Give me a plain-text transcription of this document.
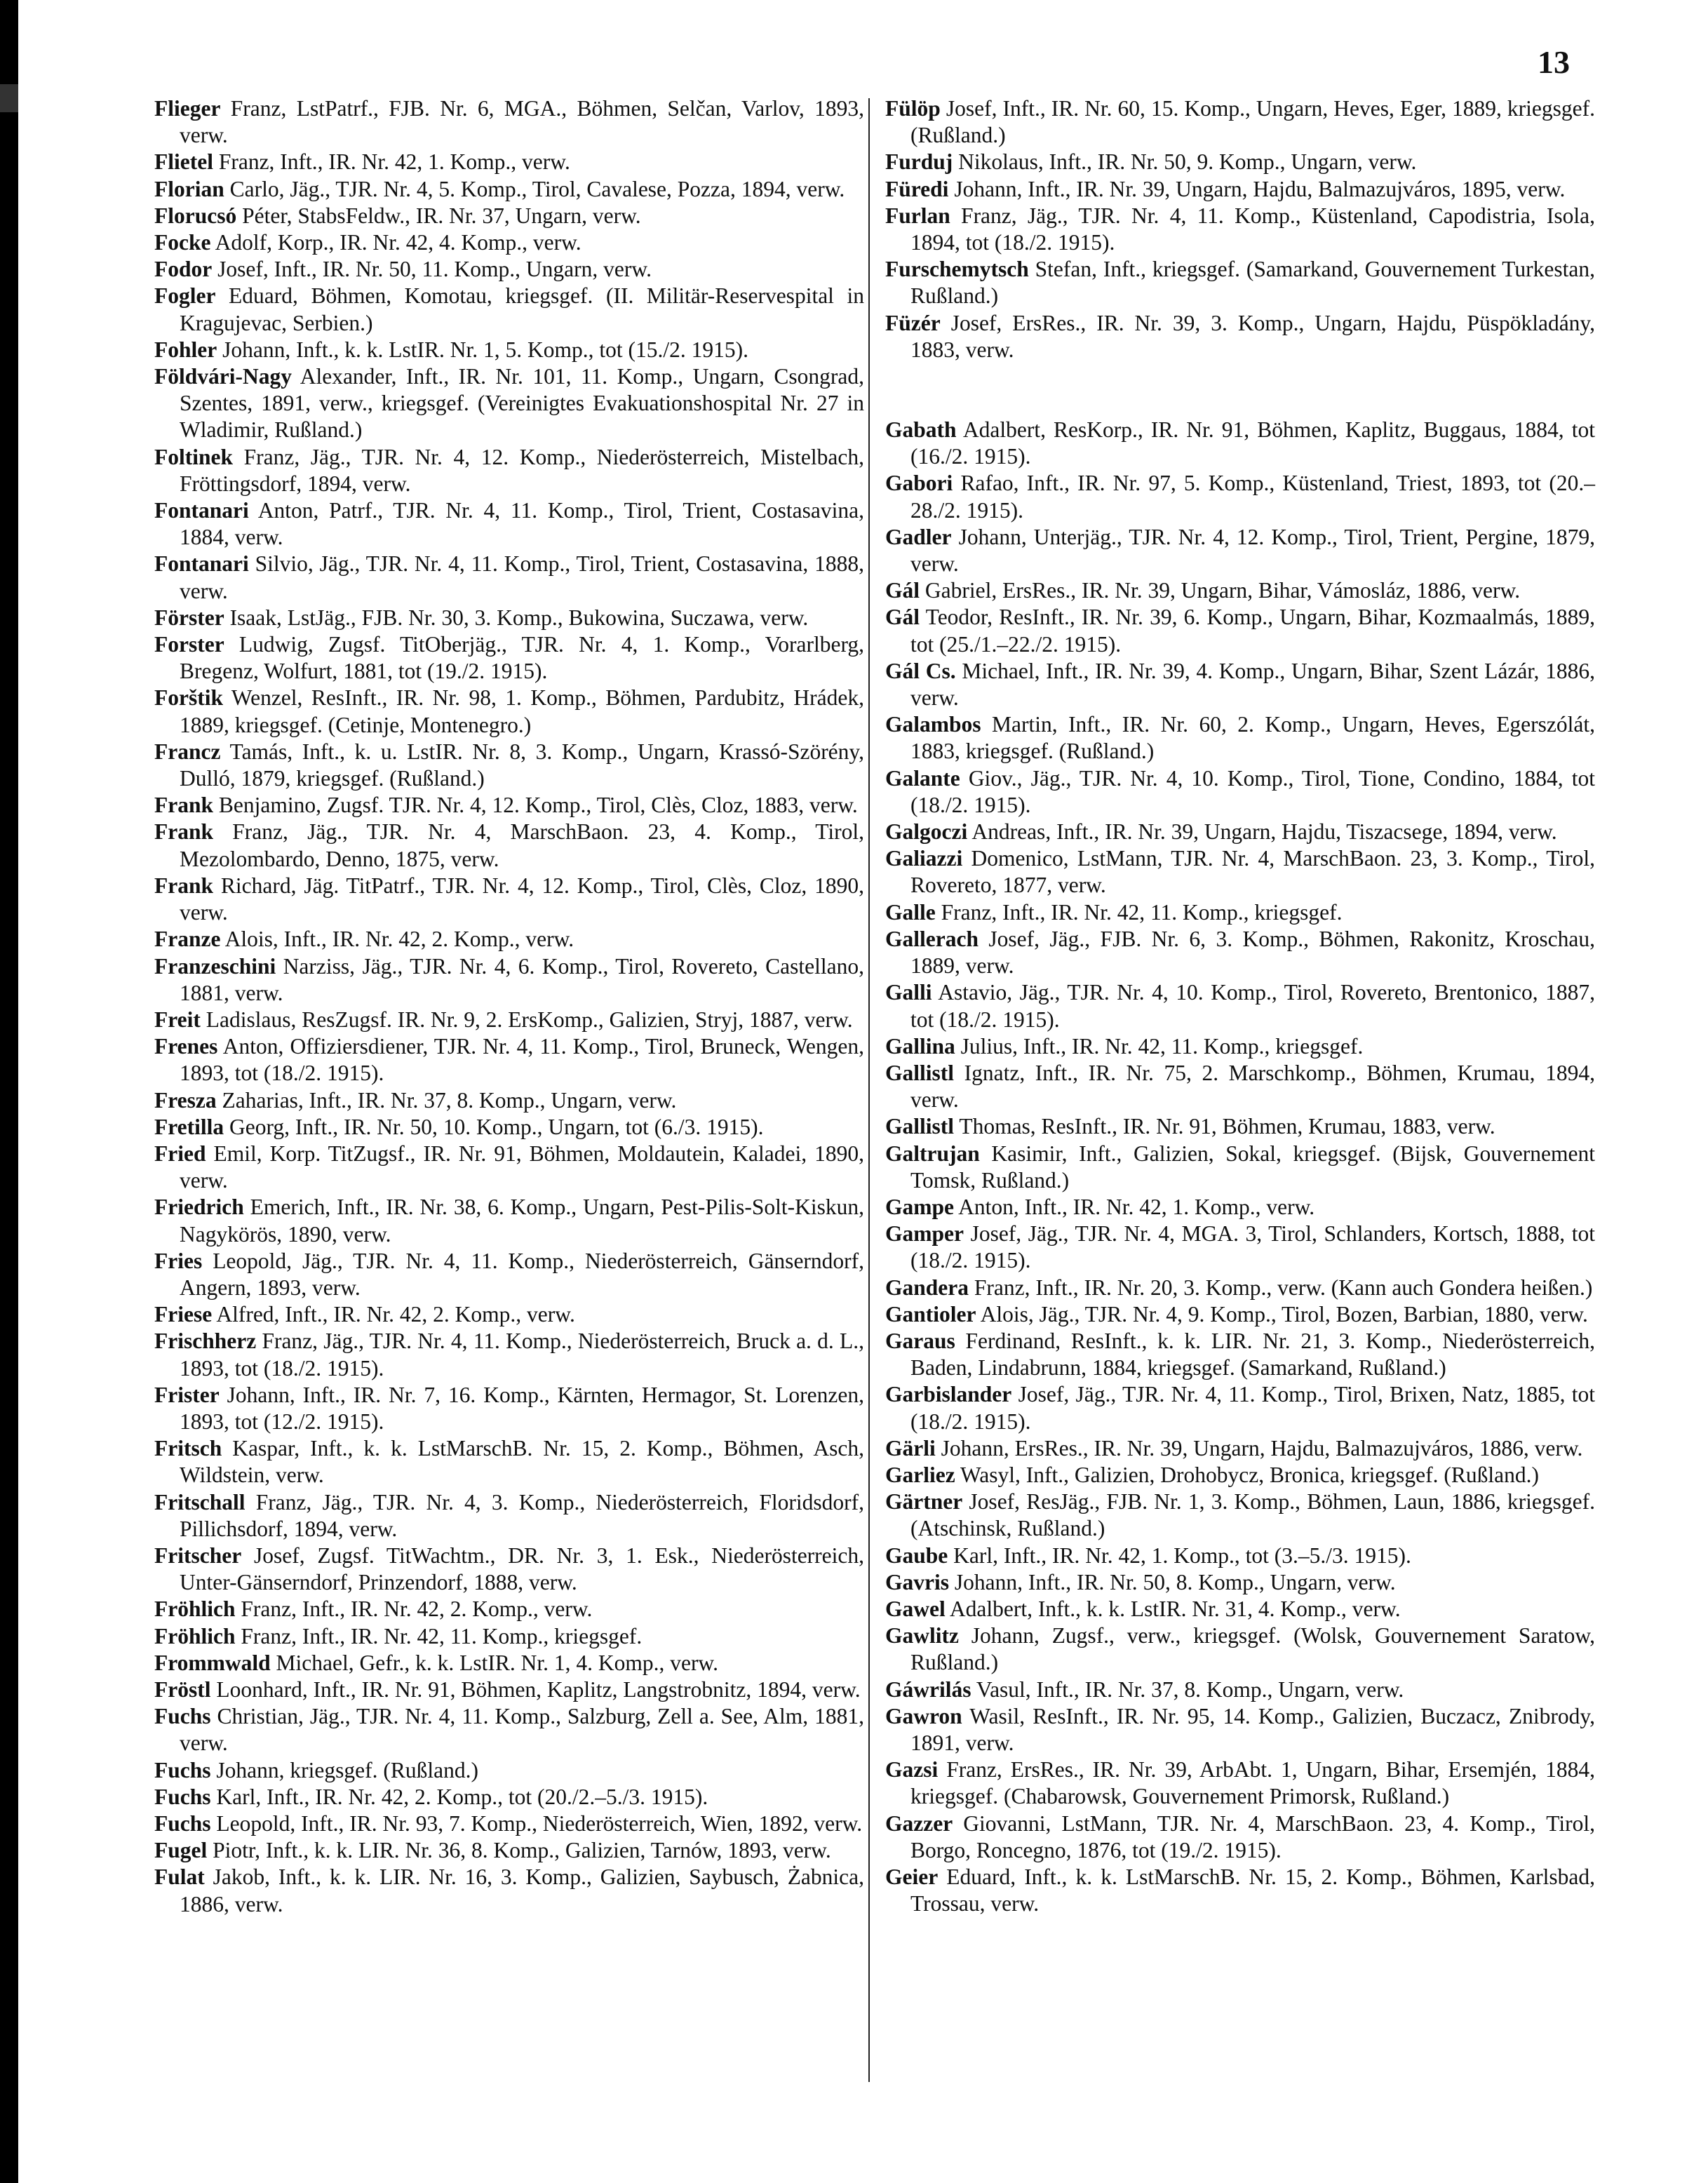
13

Flieger Franz, LstPatrf., FJB. Nr. 6, MGA., Böhmen, Selčan, Varlov, 1893, verw.

Flietel Franz, Inft., IR. Nr. 42, 1. Komp., verw.

Florian Carlo, Jäg., TJR. Nr. 4, 5. Komp., Tirol, Cavalese, Pozza, 1894, verw.

Florucsó Péter, StabsFeldw., IR. Nr. 37, Ungarn, verw.

Focke Adolf, Korp., IR. Nr. 42, 4. Komp., verw.

Fodor Josef, Inft., IR. Nr. 50, 11. Komp., Ungarn, verw.

Fogler Eduard, Böhmen, Komotau, kriegsgef. (II. Militär-Reservespital in Kragujevac, Serbien.)

Fohler Johann, Inft., k. k. LstIR. Nr. 1, 5. Komp., tot (15./2. 1915).

Földvári-Nagy Alexander, Inft., IR. Nr. 101, 11. Komp., Ungarn, Csongrad, Szentes, 1891, verw., kriegsgef. (Vereinigtes Evakuationshospital Nr. 27 in Wladimir, Rußland.)

Foltinek Franz, Jäg., TJR. Nr. 4, 12. Komp., Niederösterreich, Mistelbach, Fröttingsdorf, 1894, verw.

Fontanari Anton, Patrf., TJR. Nr. 4, 11. Komp., Tirol, Trient, Costasavina, 1884, verw.

Fontanari Silvio, Jäg., TJR. Nr. 4, 11. Komp., Tirol, Trient, Costasavina, 1888, verw.

Förster Isaak, LstJäg., FJB. Nr. 30, 3. Komp., Bukowina, Suczawa, verw.

Forster Ludwig, Zugsf. TitOberjäg., TJR. Nr. 4, 1. Komp., Vorarlberg, Bregenz, Wolfurt, 1881, tot (19./2. 1915).

Forštik Wenzel, ResInft., IR. Nr. 98, 1. Komp., Böhmen, Pardubitz, Hrádek, 1889, kriegsgef. (Cetinje, Montenegro.)

Francz Tamás, Inft., k. u. LstIR. Nr. 8, 3. Komp., Ungarn, Krassó-Szörény, Dulló, 1879, kriegsgef. (Rußland.)

Frank Benjamino, Zugsf. TJR. Nr. 4, 12. Komp., Tirol, Clès, Cloz, 1883, verw.

Frank Franz, Jäg., TJR. Nr. 4, MarschBaon. 23, 4. Komp., Tirol, Mezolombardo, Denno, 1875, verw.

Frank Richard, Jäg. TitPatrf., TJR. Nr. 4, 12. Komp., Tirol, Clès, Cloz, 1890, verw.

Franze Alois, Inft., IR. Nr. 42, 2. Komp., verw.

Franzeschini Narziss, Jäg., TJR. Nr. 4, 6. Komp., Tirol, Rovereto, Castellano, 1881, verw.

Freit Ladislaus, ResZugsf. IR. Nr. 9, 2. ErsKomp., Galizien, Stryj, 1887, verw.

Frenes Anton, Offiziersdiener, TJR. Nr. 4, 11. Komp., Tirol, Bruneck, Wengen, 1893, tot (18./2. 1915).

Fresza Zaharias, Inft., IR. Nr. 37, 8. Komp., Ungarn, verw.

Fretilla Georg, Inft., IR. Nr. 50, 10. Komp., Ungarn, tot (6./3. 1915).

Fried Emil, Korp. TitZugsf., IR. Nr. 91, Böhmen, Moldautein, Kaladei, 1890, verw.

Friedrich Emerich, Inft., IR. Nr. 38, 6. Komp., Ungarn, Pest-Pilis-Solt-Kiskun, Nagykörös, 1890, verw.

Fries Leopold, Jäg., TJR. Nr. 4, 11. Komp., Niederösterreich, Gänserndorf, Angern, 1893, verw.

Friese Alfred, Inft., IR. Nr. 42, 2. Komp., verw.

Frischherz Franz, Jäg., TJR. Nr. 4, 11. Komp., Niederösterreich, Bruck a. d. L., 1893, tot (18./2. 1915).

Frister Johann, Inft., IR. Nr. 7, 16. Komp., Kärnten, Hermagor, St. Lorenzen, 1893, tot (12./2. 1915).

Fritsch Kaspar, Inft., k. k. LstMarschB. Nr. 15, 2. Komp., Böhmen, Asch, Wildstein, verw.

Fritschall Franz, Jäg., TJR. Nr. 4, 3. Komp., Niederösterreich, Floridsdorf, Pillichsdorf, 1894, verw.

Fritscher Josef, Zugsf. TitWachtm., DR. Nr. 3, 1. Esk., Niederösterreich, Unter-Gänserndorf, Prinzendorf, 1888, verw.

Fröhlich Franz, Inft., IR. Nr. 42, 2. Komp., verw.

Fröhlich Franz, Inft., IR. Nr. 42, 11. Komp., kriegsgef.

Frommwald Michael, Gefr., k. k. LstIR. Nr. 1, 4. Komp., verw.

Fröstl Loonhard, Inft., IR. Nr. 91, Böhmen, Kaplitz, Langstrobnitz, 1894, verw.

Fuchs Christian, Jäg., TJR. Nr. 4, 11. Komp., Salzburg, Zell a. See, Alm, 1881, verw.

Fuchs Johann, kriegsgef. (Rußland.)

Fuchs Karl, Inft., IR. Nr. 42, 2. Komp., tot (20./2.–5./3. 1915).

Fuchs Leopold, Inft., IR. Nr. 93, 7. Komp., Niederösterreich, Wien, 1892, verw.

Fugel Piotr, Inft., k. k. LIR. Nr. 36, 8. Komp., Galizien, Tarnów, 1893, verw.

Fulat Jakob, Inft., k. k. LIR. Nr. 16, 3. Komp., Galizien, Saybusch, Żabnica, 1886, verw.

Fülöp Josef, Inft., IR. Nr. 60, 15. Komp., Ungarn, Heves, Eger, 1889, kriegsgef. (Rußland.)

Furduj Nikolaus, Inft., IR. Nr. 50, 9. Komp., Ungarn, verw.

Füredi Johann, Inft., IR. Nr. 39, Ungarn, Hajdu, Balmazujváros, 1895, verw.

Furlan Franz, Jäg., TJR. Nr. 4, 11. Komp., Küstenland, Capodistria, Isola, 1894, tot (18./2. 1915).

Furschemytsch Stefan, Inft., kriegsgef. (Samarkand, Gouvernement Turkestan, Rußland.)

Füzér Josef, ErsRes., IR. Nr. 39, 3. Komp., Ungarn, Hajdu, Püspökladány, 1883, verw.

Gabath Adalbert, ResKorp., IR. Nr. 91, Böhmen, Kaplitz, Buggaus, 1884, tot (16./2. 1915).

Gabori Rafao, Inft., IR. Nr. 97, 5. Komp., Küstenland, Triest, 1893, tot (20.–28./2. 1915).

Gadler Johann, Unterjäg., TJR. Nr. 4, 12. Komp., Tirol, Trient, Pergine, 1879, verw.

Gál Gabriel, ErsRes., IR. Nr. 39, Ungarn, Bihar, Vámosláz, 1886, verw.

Gál Teodor, ResInft., IR. Nr. 39, 6. Komp., Ungarn, Bihar, Kozmaalmás, 1889, tot (25./1.–22./2. 1915).

Gál Cs. Michael, Inft., IR. Nr. 39, 4. Komp., Ungarn, Bihar, Szent Lázár, 1886, verw.

Galambos Martin, Inft., IR. Nr. 60, 2. Komp., Ungarn, Heves, Egerszólát, 1883, kriegsgef. (Rußland.)

Galante Giov., Jäg., TJR. Nr. 4, 10. Komp., Tirol, Tione, Condino, 1884, tot (18./2. 1915).

Galgoczi Andreas, Inft., IR. Nr. 39, Ungarn, Hajdu, Tiszacsege, 1894, verw.

Galiazzi Domenico, LstMann, TJR. Nr. 4, MarschBaon. 23, 3. Komp., Tirol, Rovereto, 1877, verw.

Galle Franz, Inft., IR. Nr. 42, 11. Komp., kriegsgef.

Gallerach Josef, Jäg., FJB. Nr. 6, 3. Komp., Böhmen, Rakonitz, Kroschau, 1889, verw.

Galli Astavio, Jäg., TJR. Nr. 4, 10. Komp., Tirol, Rovereto, Brentonico, 1887, tot (18./2. 1915).

Gallina Julius, Inft., IR. Nr. 42, 11. Komp., kriegsgef.

Gallistl Ignatz, Inft., IR. Nr. 75, 2. Marschkomp., Böhmen, Krumau, 1894, verw.

Gallistl Thomas, ResInft., IR. Nr. 91, Böhmen, Krumau, 1883, verw.

Galtrujan Kasimir, Inft., Galizien, Sokal, kriegsgef. (Bijsk, Gouvernement Tomsk, Rußland.)

Gampe Anton, Inft., IR. Nr. 42, 1. Komp., verw.

Gamper Josef, Jäg., TJR. Nr. 4, MGA. 3, Tirol, Schlanders, Kortsch, 1888, tot (18./2. 1915).

Gandera Franz, Inft., IR. Nr. 20, 3. Komp., verw. (Kann auch Gondera heißen.)

Gantioler Alois, Jäg., TJR. Nr. 4, 9. Komp., Tirol, Bozen, Barbian, 1880, verw.

Garaus Ferdinand, ResInft., k. k. LIR. Nr. 21, 3. Komp., Niederösterreich, Baden, Lindabrunn, 1884, kriegsgef. (Samarkand, Rußland.)

Garbislander Josef, Jäg., TJR. Nr. 4, 11. Komp., Tirol, Brixen, Natz, 1885, tot (18./2. 1915).

Gärli Johann, ErsRes., IR. Nr. 39, Ungarn, Hajdu, Balmazujváros, 1886, verw.

Garliez Wasyl, Inft., Galizien, Drohobycz, Bronica, kriegsgef. (Rußland.)

Gärtner Josef, ResJäg., FJB. Nr. 1, 3. Komp., Böhmen, Laun, 1886, kriegsgef. (Atschinsk, Rußland.)

Gaube Karl, Inft., IR. Nr. 42, 1. Komp., tot (3.–5./3. 1915).

Gavris Johann, Inft., IR. Nr. 50, 8. Komp., Ungarn, verw.

Gawel Adalbert, Inft., k. k. LstIR. Nr. 31, 4. Komp., verw.

Gawlitz Johann, Zugsf., verw., kriegsgef. (Wolsk, Gouvernement Saratow, Rußland.)

Gáwrilás Vasul, Inft., IR. Nr. 37, 8. Komp., Ungarn, verw.

Gawron Wasil, ResInft., IR. Nr. 95, 14. Komp., Galizien, Buczacz, Znibrody, 1891, verw.

Gazsi Franz, ErsRes., IR. Nr. 39, ArbAbt. 1, Ungarn, Bihar, Ersemjén, 1884, kriegsgef. (Chabarowsk, Gouvernement Primorsk, Rußland.)

Gazzer Giovanni, LstMann, TJR. Nr. 4, MarschBaon. 23, 4. Komp., Tirol, Borgo, Roncegno, 1876, tot (19./2. 1915).

Geier Eduard, Inft., k. k. LstMarschB. Nr. 15, 2. Komp., Böhmen, Karlsbad, Trossau, verw.
